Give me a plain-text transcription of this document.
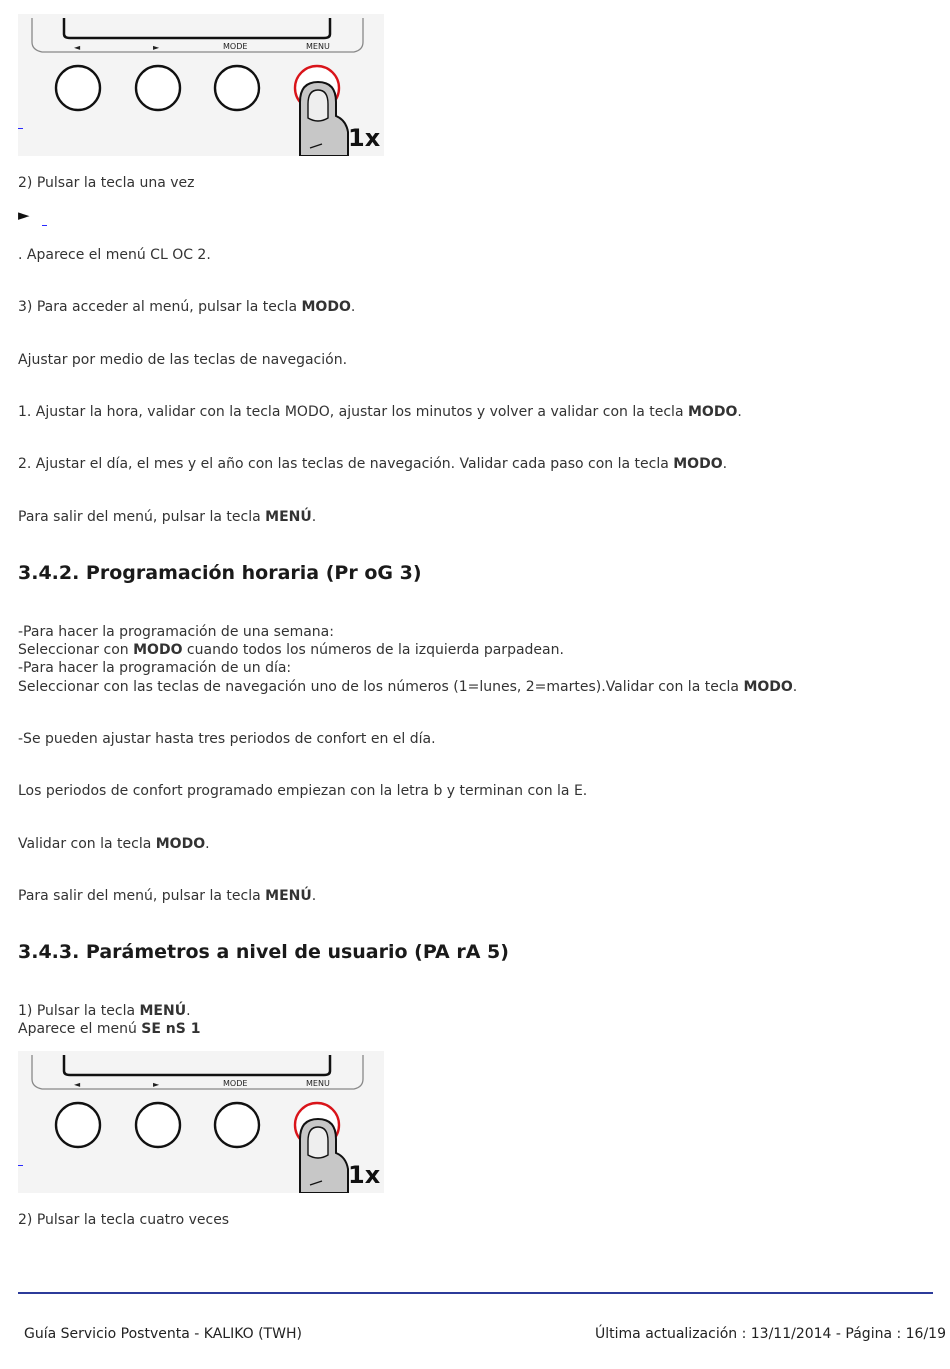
◄	►	MODE	MENU
1x
2) Pulsar la tecla una vez
►
. Aparece el menú CL OC 2.
3) Para acceder al menú, pulsar la tecla MODO.
Ajustar por medio de las teclas de navegación.
1. Ajustar la hora, validar con la tecla MODO, ajustar los minutos y volver a validar con la tecla MODO.
2. Ajustar el día, el mes y el año con las teclas de navegación. Validar cada paso con la tecla MODO.
Para salir del menú, pulsar la tecla MENÚ.
3.4.2. Programación horaria (Pr oG 3)
-Para hacer la programación de una semana:
Seleccionar con MODO cuando todos los números de la izquierda parpadean.
-Para hacer la programación de un día:
Seleccionar con las teclas de navegación uno de los números (1=lunes, 2=martes).Validar con la tecla MODO.
-Se pueden ajustar hasta tres periodos de confort en el día.
Los periodos de confort programado empiezan con la letra b y terminan con la E.
Validar con la tecla MODO.
Para salir del menú, pulsar la tecla MENÚ.
3.4.3. Parámetros a nivel de usuario (PA rA 5)
1) Pulsar la tecla MENÚ.
Aparece el menú SE nS 1
◄	►	MODE	MENU
1x
2) Pulsar la tecla cuatro veces
Guía Servicio Postventa - KALIKO (TWH)	Última actualización : 13/11/2014 - Página : 16/19
